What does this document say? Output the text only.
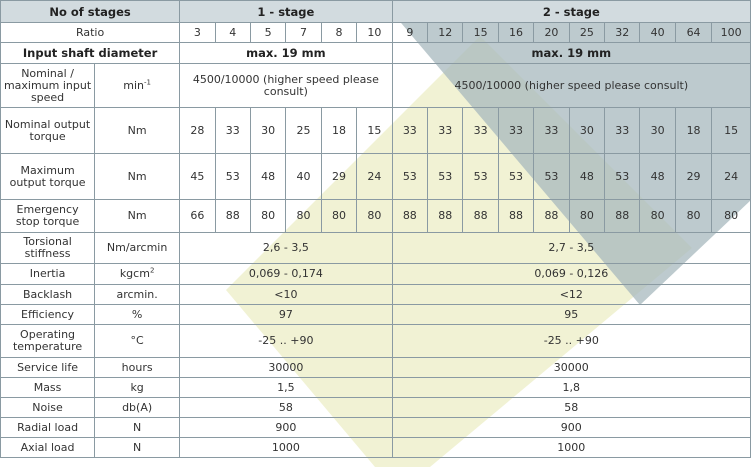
No of stages		1 - stage						2 - stage									
Ratio		3	4	5	7	8	10	9	12	15	16	20	25	32	40	64	100
Input shaft diameter		max. 19 mm						max. 19 mm									
Nominal / maximum input speed	$\min^{-1}$	4500/10000 (higher speed please consult)						4500/10000 (higher speed please consult)									
Nominal output torque	Nm	28	33	30	25	18	15	33	33	33	33	33	30	33	30	18	15
Maximum output torque	Nm	45	53	48	40	29	24	53	53	53	53	53	48	53	48	29	24
Emergency stop torque	Nm	66	88	80	80	80	80	88	88	88	88	88	80	88	80	80	80
Torsional stiffness	Nm/arcmin	2,6 - 3,5						2,7 - 3,5									
Inertia	kgcm$^2$	0,069 - 0,174						0,069 - 0,126									
Backlash	arcmin.	<10						<12									
Efficiency	%	97						95									
Operating temperature	°C	-25 .. +90						-25 .. +90									
Service life	hours	30000						30000									
Mass	kg	1,5						1,8									
Noise	db(A)	58						58									
Radial load	N	900						900									
Axial load	N	1000						1000									
